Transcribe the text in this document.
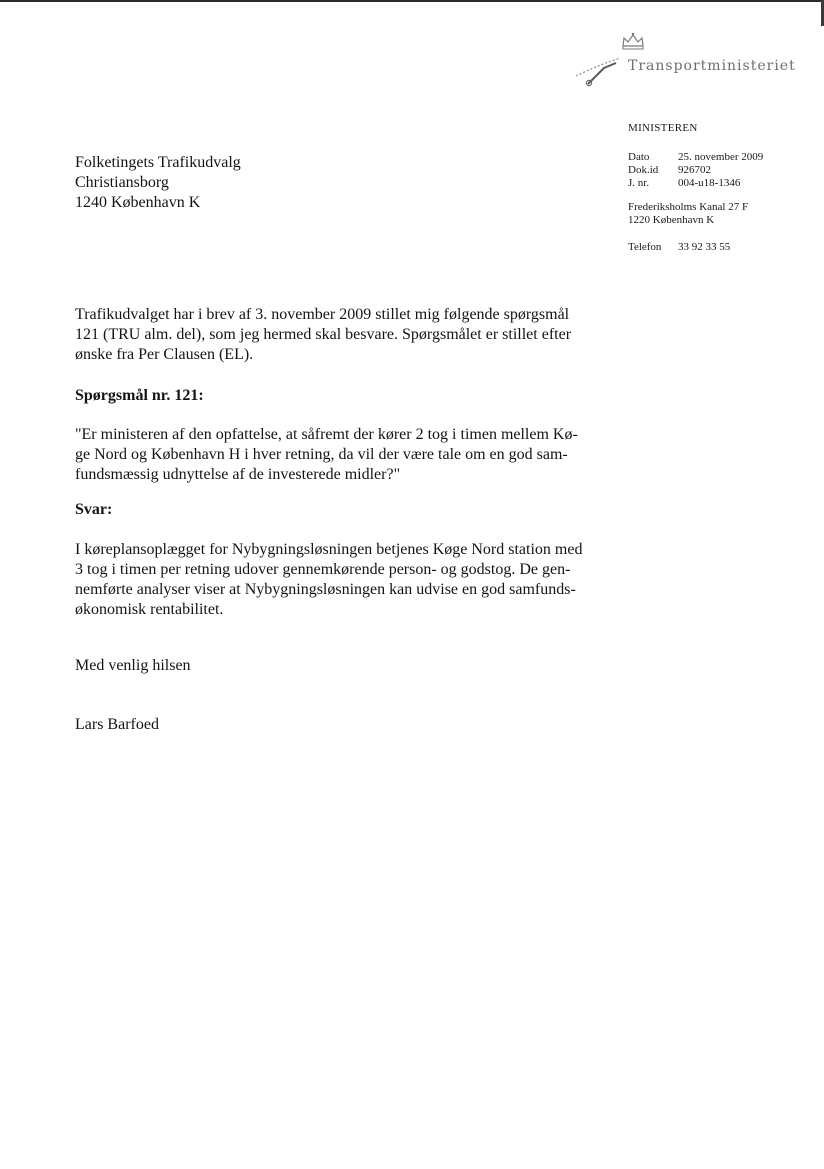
Transportministeriet
MINISTEREN
Dato	25. november 2009
Dok.id	926702
J. nr.	004-u18-1346
Frederiksholms Kanal 27 F
1220 København K
Telefon	33 92 33 55
Folketingets Trafikudvalg
Christiansborg
1240 København K
Trafikudvalget har i brev af 3. november 2009 stillet mig følgende spørgsmål
121 (TRU alm. del), som jeg hermed skal besvare. Spørgsmålet er stillet efter
ønske fra Per Clausen (EL).
Spørgsmål nr. 121:
"Er ministeren af den opfattelse, at såfremt der kører 2 tog i timen mellem Kø-
ge Nord og København H i hver retning, da vil der være tale om en god sam-
fundsmæssig udnyttelse af de investerede midler?"
Svar:
I køreplansoplægget for Nybygningsløsningen betjenes Køge Nord station med
3 tog i timen per retning udover gennemkørende person- og godstog. De gen-
nemførte analyser viser at Nybygningsløsningen kan udvise en god samfunds-
økonomisk rentabilitet.
Med venlig hilsen
Lars Barfoed
